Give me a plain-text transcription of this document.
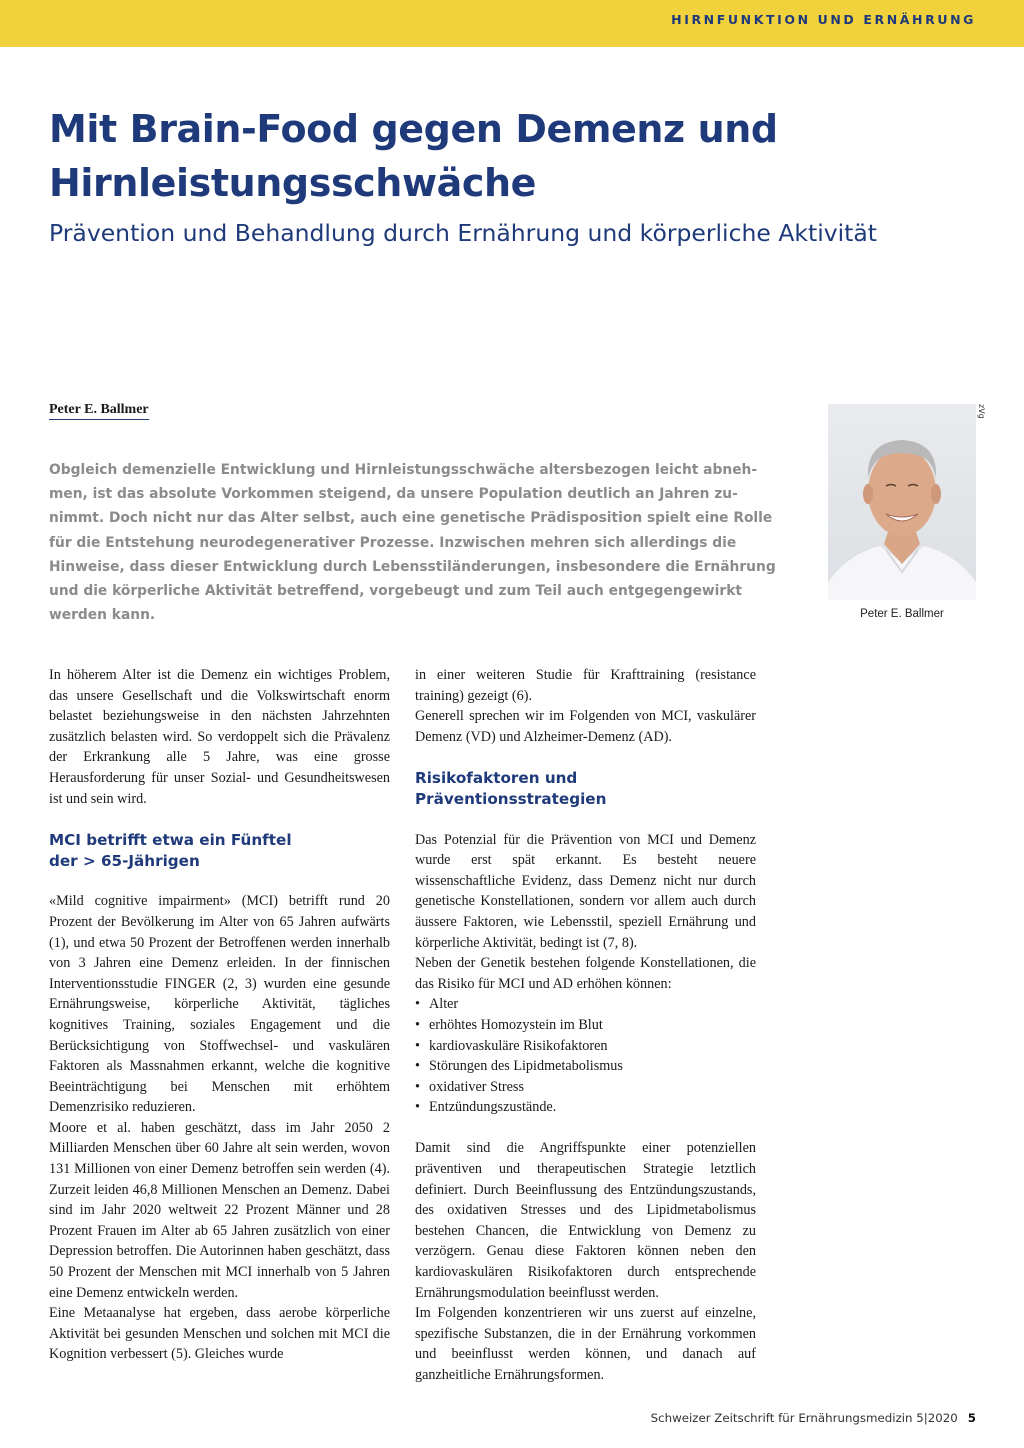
HIRNFUNKTION UND ERNÄHRUNG
Mit Brain-Food gegen Demenz und Hirnleistungsschwäche

Prävention und Behandlung durch Ernährung und körperliche Aktivität

Peter E. Ballmer
Obgleich demenzielle Entwicklung und Hirnleistungsschwäche altersbezogen leicht abneh-
men, ist das absolute Vorkommen steigend, da unsere Population deutlich an Jahren zu-
nimmt. Doch nicht nur das Alter selbst, auch eine genetische Prädisposition spielt eine Rolle
für die Entstehung neurodegenerativer Prozesse. Inzwischen mehren sich allerdings die
Hinweise, dass dieser Entwicklung durch Lebensstiländerungen, insbesondere die Ernährung
und die körperliche Aktivität betreffend, vorgebeugt und zum Teil auch entgegengewirkt
werden kann.
zVg
Peter E. Ballmer

In höherem Alter ist die Demenz ein wichtiges Problem, das unsere Gesellschaft und die Volkswirtschaft enorm belastet beziehungsweise in den nächsten Jahrzehnten zusätzlich belasten wird. So verdoppelt sich die Prävalenz der Erkrankung alle 5 Jahre, was eine grosse Herausforderung für unser Sozial- und Gesundheitswesen ist und sein wird.

MCI betrifft etwa ein Fünftel
der > 65-Jährigen

«Mild cognitive impairment» (MCI) betrifft rund 20 Prozent der Bevölkerung im Alter von 65 Jahren aufwärts (1), und etwa 50 Prozent der Betroffenen werden innerhalb von 3 Jahren eine Demenz erleiden. In der finnischen Interventionsstudie FINGER (2, 3) wurden eine gesunde Ernährungsweise, körperliche Aktivität, tägliches kognitives Training, soziales Engagement und die Berücksichtigung von Stoffwechsel- und vaskulären Faktoren als Massnahmen erkannt, welche die kognitive Beeinträchtigung bei Menschen mit erhöhtem Demenzrisiko reduzieren.

Moore et al. haben geschätzt, dass im Jahr 2050 2 Milliarden Menschen über 60 Jahre alt sein werden, wovon 131 Millionen von einer Demenz betroffen sein werden (4). Zurzeit leiden 46,8 Millionen Menschen an Demenz. Dabei sind im Jahr 2020 weltweit 22 Prozent Männer und 28 Prozent Frauen im Alter ab 65 Jahren zusätzlich von einer Depression betroffen. Die Autorinnen haben geschätzt, dass 50 Prozent der Menschen mit MCI innerhalb von 5 Jahren eine Demenz entwickeln werden.

Eine Metaanalyse hat ergeben, dass aerobe körperliche Aktivität bei gesunden Menschen und solchen mit MCI die Kognition verbessert (5). Gleiches wurde

in einer weiteren Studie für Krafttraining (resistance training) gezeigt (6).

Generell sprechen wir im Folgenden von MCI, vaskulärer Demenz (VD) und Alzheimer-Demenz (AD).

Risikofaktoren und Präventionsstrategien

Das Potenzial für die Prävention von MCI und Demenz wurde erst spät erkannt. Es besteht neuere wissenschaftliche Evidenz, dass Demenz nicht nur durch genetische Konstellationen, sondern vor allem auch durch äussere Faktoren, wie Lebensstil, speziell Ernährung und körperliche Aktivität, bedingt ist (7, 8).

Neben der Genetik bestehen folgende Konstellationen, die das Risiko für MCI und AD erhöhen können:

• Alter
• erhöhtes Homozystein im Blut
• kardiovaskuläre Risikofaktoren
• Störungen des Lipidmetabolismus
• oxidativer Stress
• Entzündungszustände.

Damit sind die Angriffspunkte einer potenziellen präventiven und therapeutischen Strategie letztlich definiert. Durch Beeinflussung des Entzündungszustands, des oxidativen Stresses und des Lipidmetabolismus bestehen Chancen, die Entwicklung von Demenz zu verzögern. Genau diese Faktoren können neben den kardiovaskulären Risikofaktoren durch entsprechende Ernährungsmodulation beeinflusst werden.

Im Folgenden konzentrieren wir uns zuerst auf einzelne, spezifische Substanzen, die in der Ernährung vorkommen und beeinflusst werden können, und danach auf ganzheitliche Ernährungsformen.

Schweizer Zeitschrift für Ernährungsmedizin 5|2020 5
